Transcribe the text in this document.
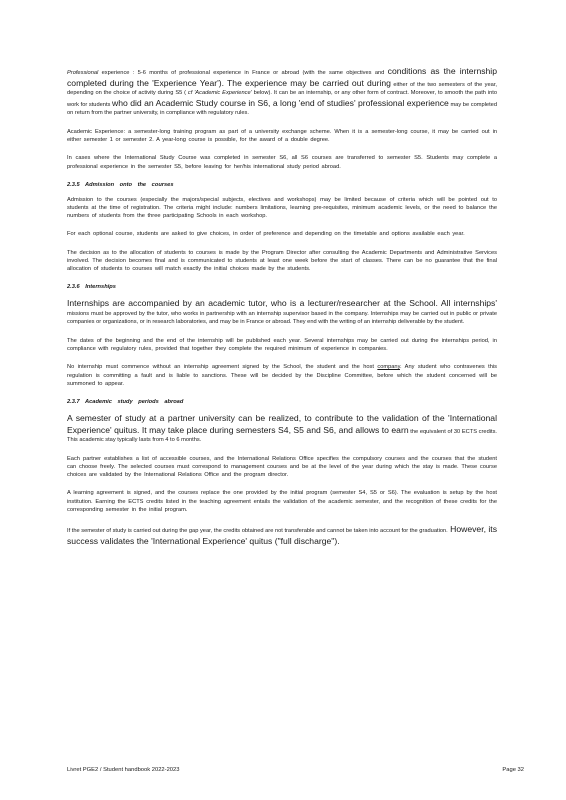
Professional experience : 5-6 months of professional experience in France or abroad (with the same objectives and conditions as the internship completed during the 'Experience Year'). The experience may be carried out during either of the two semesters of the year, depending on the choice of activity during S5 ( cf 'Academic Experience' below). It can be an internship, or any other form of contract. Moreover, to smooth the path into work for students who did an Academic Study course in S6, a long 'end of studies' professional experience may be completed on return from the partner university, in compliance with regulatory rules.

Academic Experience: a semester-long training program as part of a university exchange scheme. When it is a semester-long course, it may be carried out in either semester 1 or semester 2. A year-long course is possible, for the award of a double degree.

In cases where the International Study Course was completed in semester S6, all S6 courses are transferred to semester S5. Students may complete a professional experience in the semester S5, before leaving for her/his international study period abroad.

2.3.5 Admission onto the courses

Admission to the courses (especially the majors/special subjects, electives and workshops) may be limited because of criteria which will be pointed out to students at the time of registration. The criteria might include: numbers limitations, learning pre-requisites, minimum academic levels, or the need to balance the numbers of students from the three participating Schools in each workshop.

For each optional course, students are asked to give choices, in order of preference and depending on the timetable and options available each year.

The decision as to the allocation of students to courses is made by the Program Director after consulting the Academic Departments and Administrative Services involved. The decision becomes final and is communicated to students at least one week before the start of classes. There can be no guarantee that the final allocation of students to courses will match exactly the initial choices made by the students.

2.3.6 Internships

Internships are accompanied by an academic tutor, who is a lecturer/researcher at the School. All internships' missions must be approved by the tutor, who works in partnership with an internship supervisor based in the company. Internships may be carried out in public or private companies or organizations, or in research laboratories, and may be in France or abroad. They end with the writing of an internship deliverable by the student.

The dates of the beginning and the end of the internship will be published each year. Several internships may be carried out during the internships period, in compliance with regulatory rules, provided that together they complete the required minimum of experience in companies.

No internship must commence without an internship agreement signed by the School, the student and the host company. Any student who contravenes this regulation is committing a fault and is liable to sanctions. These will be decided by the Discipline Committee, before which the student concerned will be summoned to appear.

2.3.7 Academic study periods abroad

A semester of study at a partner university can be realized, to contribute to the validation of the 'International Experience' quitus. It may take place during semesters S4, S5 and S6, and allows to earn the equivalent of 30 ECTS credits. This academic stay typically lasts from 4 to 6 months.

Each partner establishes a list of accessible courses, and the International Relations Office specifies the compulsory courses and the courses that the student can choose freely. The selected courses must correspond to management courses and be at the level of the year during which the stay is made. These course choices are validated by the International Relations Office and the program director.

A learning agreement is signed, and the courses replace the one provided by the initial program (semester S4, S5 or S6). The evaluation is setup by the host institution. Earning the ECTS credits listed in the teaching agreement entails the validation of the academic semester, and the recognition of these credits for the corresponding semester in the initial program.

If the semester of study is carried out during the gap year, the credits obtained are not transferable and cannot be taken into account for the graduation. However, its success validates the 'International Experience' quitus ("full discharge").

Livret PGE2 / Student handbook 2022-2023	Page 32
